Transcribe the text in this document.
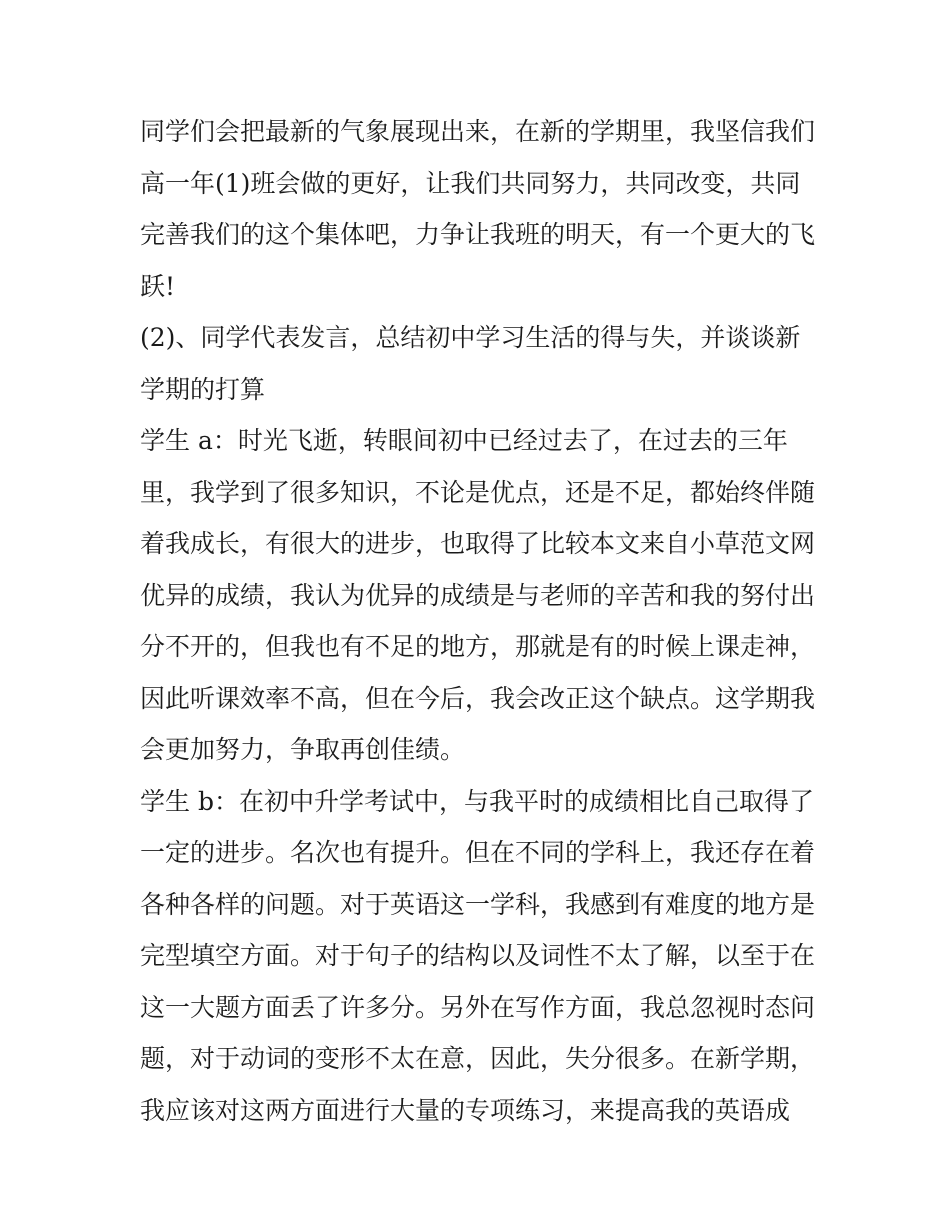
同学们会把最新的气象展现出来，在新的学期里，我坚信我们
高一年(1)班会做的更好，让我们共同努力，共同改变，共同
完善我们的这个集体吧，力争让我班的明天，有一个更大的飞
跃!
(2)、同学代表发言，总结初中学习生活的得与失，并谈谈新
学期的打算
学生 a：时光飞逝，转眼间初中已经过去了，在过去的三年
里，我学到了很多知识，不论是优点，还是不足，都始终伴随
着我成长，有很大的进步，也取得了比较本文来自小草范文网
优异的成绩，我认为优异的成绩是与老师的辛苦和我的努付出
分不开的，但我也有不足的地方，那就是有的时候上课走神，
因此听课效率不高，但在今后，我会改正这个缺点。这学期我
会更加努力，争取再创佳绩。
学生 b：在初中升学考试中，与我平时的成绩相比自己取得了
一定的进步。名次也有提升。但在不同的学科上，我还存在着
各种各样的问题。对于英语这一学科，我感到有难度的地方是
完型填空方面。对于句子的结构以及词性不太了解，以至于在
这一大题方面丢了许多分。另外在写作方面，我总忽视时态问
题，对于动词的变形不太在意，因此，失分很多。在新学期，
我应该对这两方面进行大量的专项练习，来提高我的英语成
